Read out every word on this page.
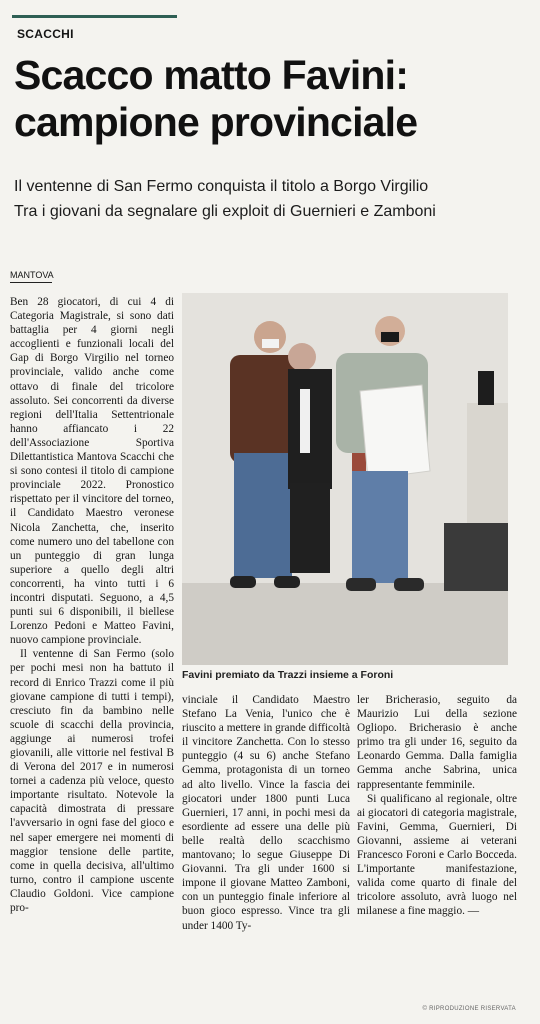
SCACCHI
Scacco matto Favini:
campione provinciale
Il ventenne di San Fermo conquista il titolo a Borgo Virgilio
Tra i giovani da segnalare gli exploit di Guernieri e Zamboni
MANTOVA

Ben 28 giocatori, di cui 4 di Categoria Magistrale, si sono dati battaglia per 4 giorni negli accoglienti e funzionali locali del Gap di Borgo Virgilio nel torneo provinciale, valido anche come ottavo di finale del tricolore assoluto. Sei concorrenti da diverse regioni dell'Italia Settentrionale hanno affiancato i 22 dell'Associazione Sportiva Dilettantistica Mantova Scacchi che si sono contesi il titolo di campione provinciale 2022. Pronostico rispettato per il vincitore del torneo, il Candidato Maestro veronese Nicola Zanchetta, che, inserito come numero uno del tabellone con un punteggio di gran lunga superiore a quello degli altri concorrenti, ha vinto tutti i 6 incontri disputati. Seguono, a 4,5 punti sui 6 disponibili, il biellese Lorenzo Pedoni e Matteo Favini, nuovo campione provinciale.

Il ventenne di San Fermo (solo per pochi mesi non ha battuto il record di Enrico Trazzi come il più giovane campione di tutti i tempi), cresciuto fin da bambino nelle scuole di scacchi della provincia, aggiunge ai numerosi trofei giovanili, alle vittorie nel festival B di Verona del 2017 e in numerosi tornei a cadenza più veloce, questo importante risultato. Notevole la capacità dimostrata di pressare l'avversario in ogni fase del gioco e nel saper emergere nei momenti di maggior tensione delle partite, come in quella decisiva, all'ultimo turno, contro il campione uscente Claudio Goldoni. Vice campione pro-

Favini premiato da Trazzi insieme a Foroni

vinciale il Candidato Maestro Stefano La Venia, l'unico che è riuscito a mettere in grande difficoltà il vincitore Zanchetta. Con lo stesso punteggio (4 su 6) anche Stefano Gemma, protagonista di un torneo ad alto livello. Vince la fascia dei giocatori under 1800 punti Luca Guernieri, 17 anni, in pochi mesi da esordiente ad essere una delle più belle realtà dello scacchismo mantovano; lo segue Giuseppe Di Giovanni. Tra gli under 1600 si impone il giovane Matteo Zamboni, con un punteggio finale inferiore al buon gioco espresso. Vince tra gli under 1400 Ty-

ler Bricherasio, seguito da Maurizio Lui della sezione Ogliopo. Bricherasio è anche primo tra gli under 16, seguito da Leonardo Gemma. Dalla famiglia Gemma anche Sabrina, unica rappresentante femminile.

Si qualificano al regionale, oltre ai giocatori di categoria magistrale, Favini, Gemma, Guernieri, Di Giovanni, assieme ai veterani Francesco Foroni e Carlo Bocceda. L'importante manifestazione, valida come quarto di finale del tricolore assoluto, avrà luogo nel milanese a fine maggio. —

© RIPRODUZIONE RISERVATA
